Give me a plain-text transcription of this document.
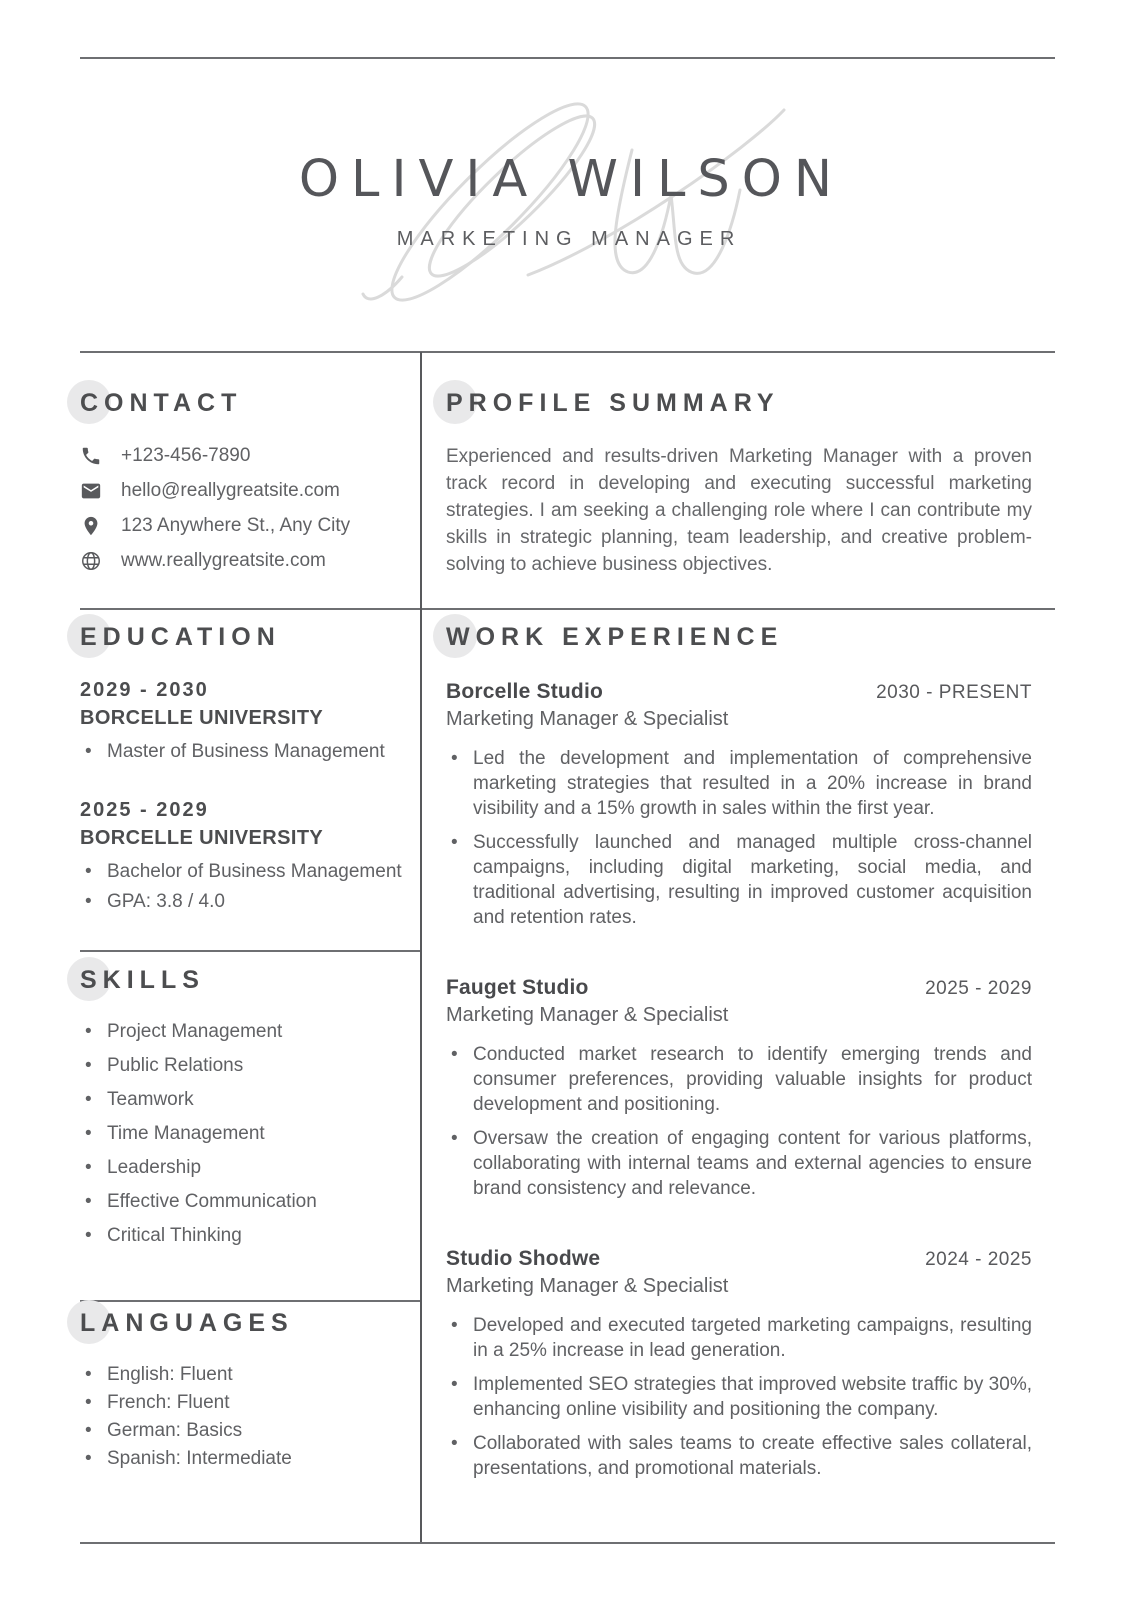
OLIVIA WILSON
MARKETING MANAGER
CONTACT
+123-456-7890
hello@reallygreatsite.com
123 Anywhere St., Any City
www.reallygreatsite.com
PROFILE SUMMARY

Experienced and results-driven Marketing Manager with a proven track record in developing and executing successful marketing strategies. I am seeking a challenging role where I can contribute my skills in strategic planning, team leadership, and creative problem-solving to achieve business objectives.

EDUCATION
2029 - 2030
BORCELLE UNIVERSITY
• Master of Business Management
2025 - 2029
BORCELLE UNIVERSITY
• Bachelor of Business Management
• GPA: 3.8 / 4.0
WORK EXPERIENCE
Borcelle Studio	2030 - PRESENT
Marketing Manager & Specialist
• Led the development and implementation of comprehensive marketing strategies that resulted in a 20% increase in brand visibility and a 15% growth in sales within the first year.
• Successfully launched and managed multiple cross-channel campaigns, including digital marketing, social media, and traditional advertising, resulting in improved customer acquisition and retention rates.
Fauget Studio	2025 - 2029
Marketing Manager & Specialist
• Conducted market research to identify emerging trends and consumer preferences, providing valuable insights for product development and positioning.
• Oversaw the creation of engaging content for various platforms, collaborating with internal teams and external agencies to ensure brand consistency and relevance.
Studio Shodwe	2024 - 2025
Marketing Manager & Specialist
• Developed and executed targeted marketing campaigns, resulting in a 25% increase in lead generation.
• Implemented SEO strategies that improved website traffic by 30%, enhancing online visibility and positioning the company.
• Collaborated with sales teams to create effective sales collateral, presentations, and promotional materials.
SKILLS
• Project Management
• Public Relations
• Teamwork
• Time Management
• Leadership
• Effective Communication
• Critical Thinking
LANGUAGES
• English: Fluent
• French: Fluent
• German: Basics
• Spanish: Intermediate
